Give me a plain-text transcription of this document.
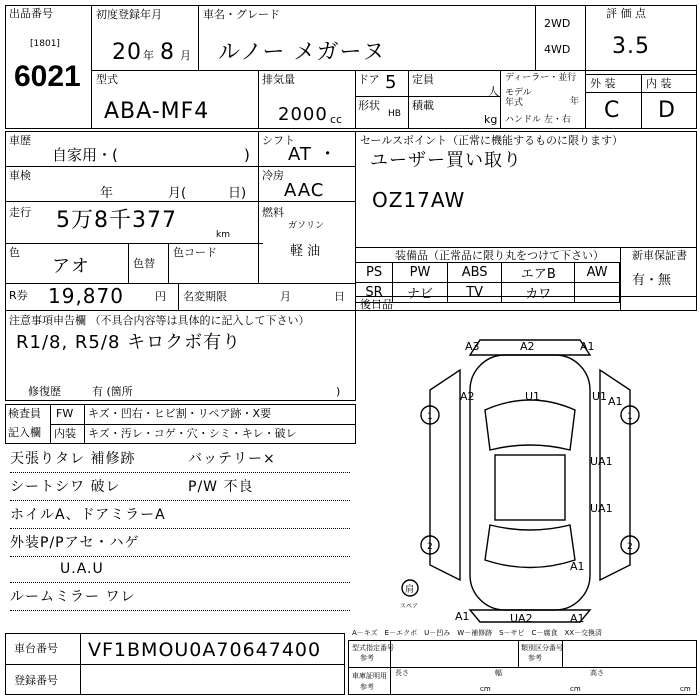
出品番号
[1801]
6021
初度登録年月
20 年 8 月
車名・グレード
ルノー メガーヌ
2WD
4WD
評 価 点
3.5
型式
ABA-MF4
排気量
2000 cc
ドア 5
形状
HB
定員
人
積載
kg
ディーラー・並行
モデル
年式	年
ハンドル 左・右
外 装	内 装
C D
車歴
自家用・(	)
シフト
AT ・
車検
年	月(	日)
冷房
AAC
走行 5万8千377
km
燃料
ガソリン
軽 油
色
アオ	色替
色コード
R券 19,870	円 名変期限	月	日
注意事項申告欄 （不具合内容等は具体的に記入して下さい）
R1/8, R5/8 キロクボ有り
修復歴	有 (箇所	)
セールスポイント（正常に機能するものに限ります）
ユーザー買い取り
OZ17AW
装備品（正常品に限り丸をつけて下さい）	新車保証書
PS	PW	ABS	エアB	AW
SR	ナビ	TV	カワ	
有・無
後日品
検査員
記入欄
FW キズ・凹右・ヒビ割・リペア跡・X要
内装 キズ・汚レ・コゲ・穴・シミ・キレ・破レ
天張りタレ 補修跡
シートシワ 破レ
ホイルA、ドアミラーA
外装P/Pアセ・ハゲ
U.A.U
ルームミラー ワレ
バッテリー×
P/W 不良
A3	A2	A1
A2	U1	U1
UA1
UA1
A1
A1	UA2	A1
A1
1	1
2	2
肩
スペア
A－キズ　E－エクボ　U－凹み　W－補修跡　S－サビ　C－腐食　XX－交換済
車台番号 VF1BMOU0A70647400
登録番号
型式指定番号
参考
類別区分番号
参考
車庫証明用
参考
長さ
cm
幅
cm
高さ
cm
